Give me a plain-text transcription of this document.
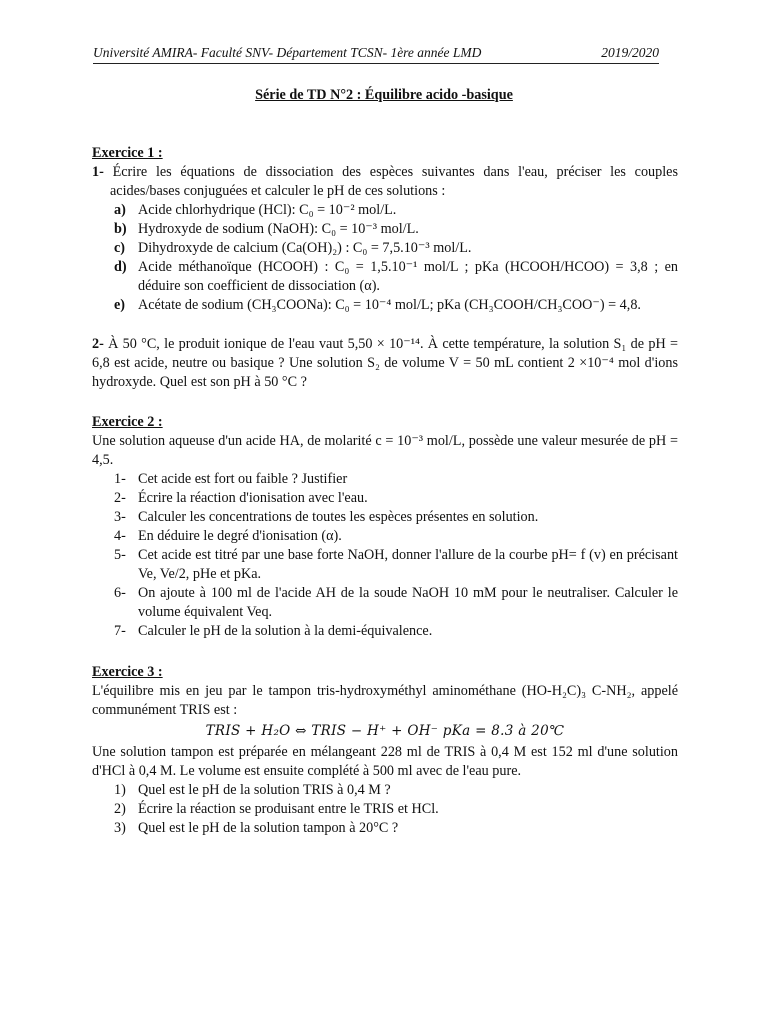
Université AMIRA- Faculté SNV- Département TCSN- 1ère année LMD	2019/2020
Série de TD N°2 : Équilibre acido -basique
Exercice 1 :
1- Écrire les équations de dissociation des espèces suivantes dans l'eau, préciser les couples acides/bases conjuguées et calculer le pH de ces solutions :
a) Acide chlorhydrique (HCl): C₀ = 10⁻² mol/L.
b) Hydroxyde de sodium (NaOH): C₀ = 10⁻³ mol/L.
c) Dihydroxyde de calcium (Ca(OH)₂) : C₀ = 7,5.10⁻³ mol/L.
d) Acide méthanoïque (HCOOH) : C₀ = 1,5.10⁻¹ mol/L ; pKa (HCOOH/HCOO) = 3,8 ; en déduire son coefficient de dissociation (α).
e) Acétate de sodium (CH₃COONa): C₀ = 10⁻⁴ mol/L; pKa (CH₃COOH/CH₃COO⁻) = 4,8.
2- À 50 °C, le produit ionique de l'eau vaut 5,50 × 10⁻¹⁴. À cette température, la solution S₁ de pH = 6,8 est acide, neutre ou basique ? Une solution S₂ de volume V = 50 mL contient 2 ×10⁻⁴ mol d'ions hydroxyde. Quel est son pH à 50 °C ?
Exercice 2 :
Une solution aqueuse d'un acide HA, de molarité c = 10⁻³ mol/L, possède une valeur mesurée de pH = 4,5.
1- Cet acide est fort ou faible ? Justifier
2- Écrire la réaction d'ionisation avec l'eau.
3- Calculer les concentrations de toutes les espèces présentes en solution.
4- En déduire le degré d'ionisation (α).
5- Cet acide est titré par une base forte NaOH, donner l'allure de la courbe pH= f (v) en précisant Ve, Ve/2, pHe et pKa.
6- On ajoute à 100 ml de l'acide AH de la soude NaOH 10 mM pour le neutraliser. Calculer le volume équivalent Veq.
7- Calculer le pH de la solution à la demi-équivalence.
Exercice 3 :
L'équilibre mis en jeu par le tampon tris-hydroxyméthyl aminométhane (HO-H₂C)₃ C-NH₂, appelé communément TRIS est :
TRIS + H₂O ⇔ TRIS − H⁺ + OH⁻ pKa = 8.3 à 20℃
Une solution tampon est préparée en mélangeant 228 ml de TRIS à 0,4 M est 152 ml d'une solution d'HCl à 0,4 M. Le volume est ensuite complété à 500 ml avec de l'eau pure.
1) Quel est le pH de la solution TRIS à 0,4 M ?
2) Écrire la réaction se produisant entre le TRIS et HCl.
3) Quel est le pH de la solution tampon à 20°C ?
